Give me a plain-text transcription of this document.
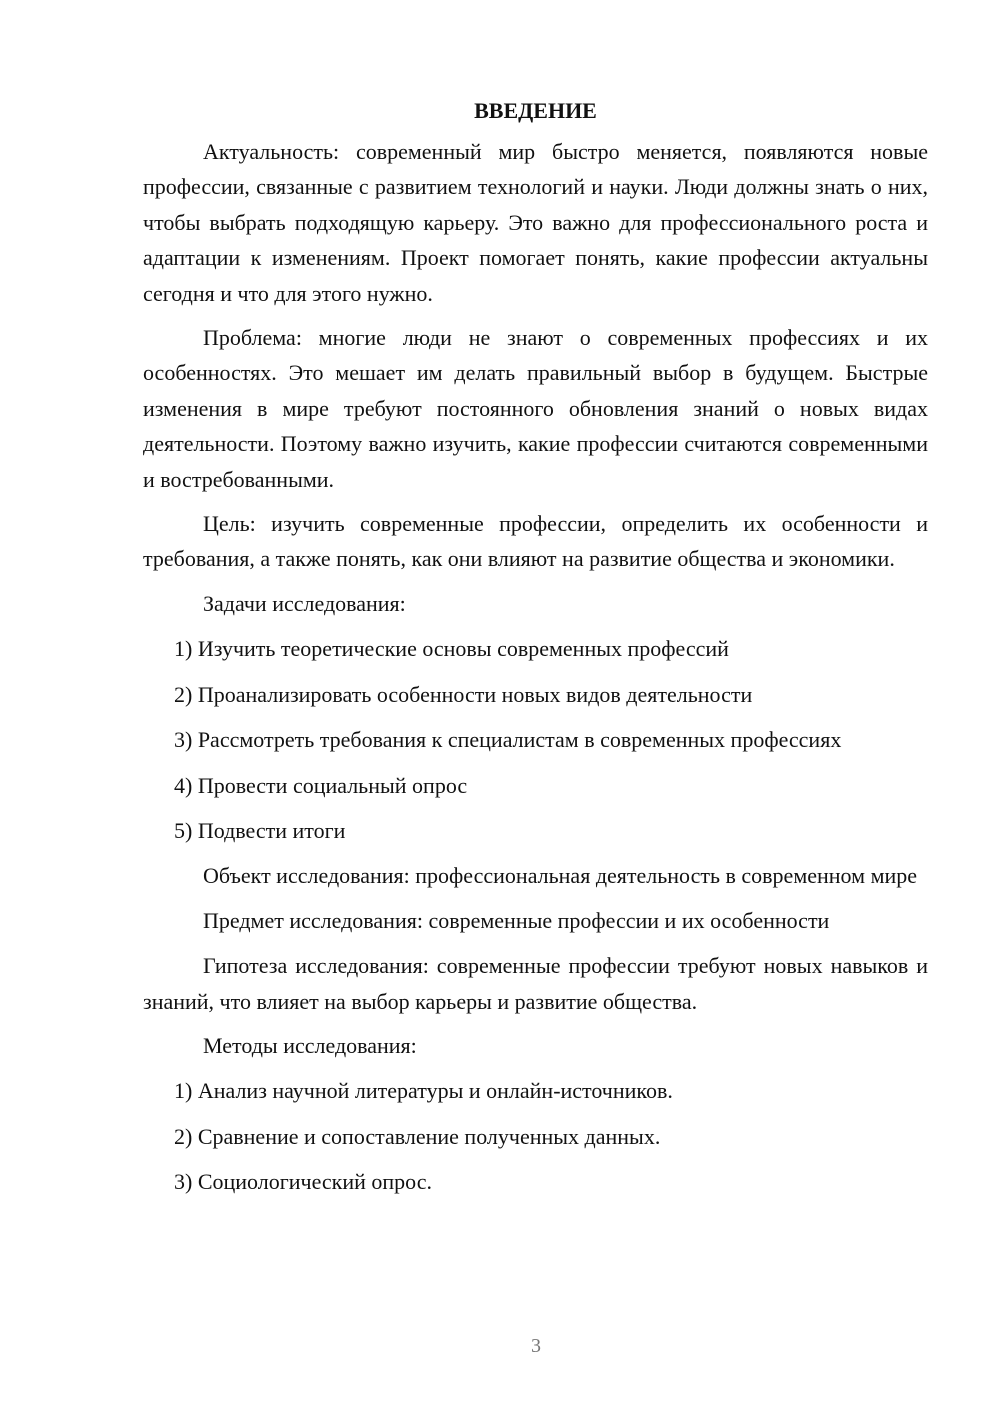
ВВЕДЕНИЕ

Актуальность: современный мир быстро меняется, появляются новые профессии, связанные с развитием технологий и науки. Люди должны знать о них, чтобы выбрать подходящую карьеру. Это важно для профессионального роста и адаптации к изменениям. Проект помогает понять, какие профессии актуальны сегодня и что для этого нужно.

Проблема: многие люди не знают о современных профессиях и их особенностях. Это мешает им делать правильный выбор в будущем. Быстрые изменения в мире требуют постоянного обновления знаний о новых видах деятельности. Поэтому важно изучить, какие профессии считаются современными и востребованными.

Цель: изучить современные профессии, определить их особенности и требования, а также понять, как они влияют на развитие общества и экономики.

Задачи исследования:

1) Изучить теоретические основы современных профессий

2) Проанализировать особенности новых видов деятельности

3) Рассмотреть требования к специалистам в современных профессиях

4) Провести социальный опрос

5) Подвести итоги

Объект исследования: профессиональная деятельность в современном мире

Предмет исследования: современные профессии и их особенности

Гипотеза исследования: современные профессии требуют новых навыков и знаний, что влияет на выбор карьеры и развитие общества.

Методы исследования:

1) Анализ научной литературы и онлайн-источников.

2) Сравнение и сопоставление полученных данных.

3) Социологический опрос.

3
